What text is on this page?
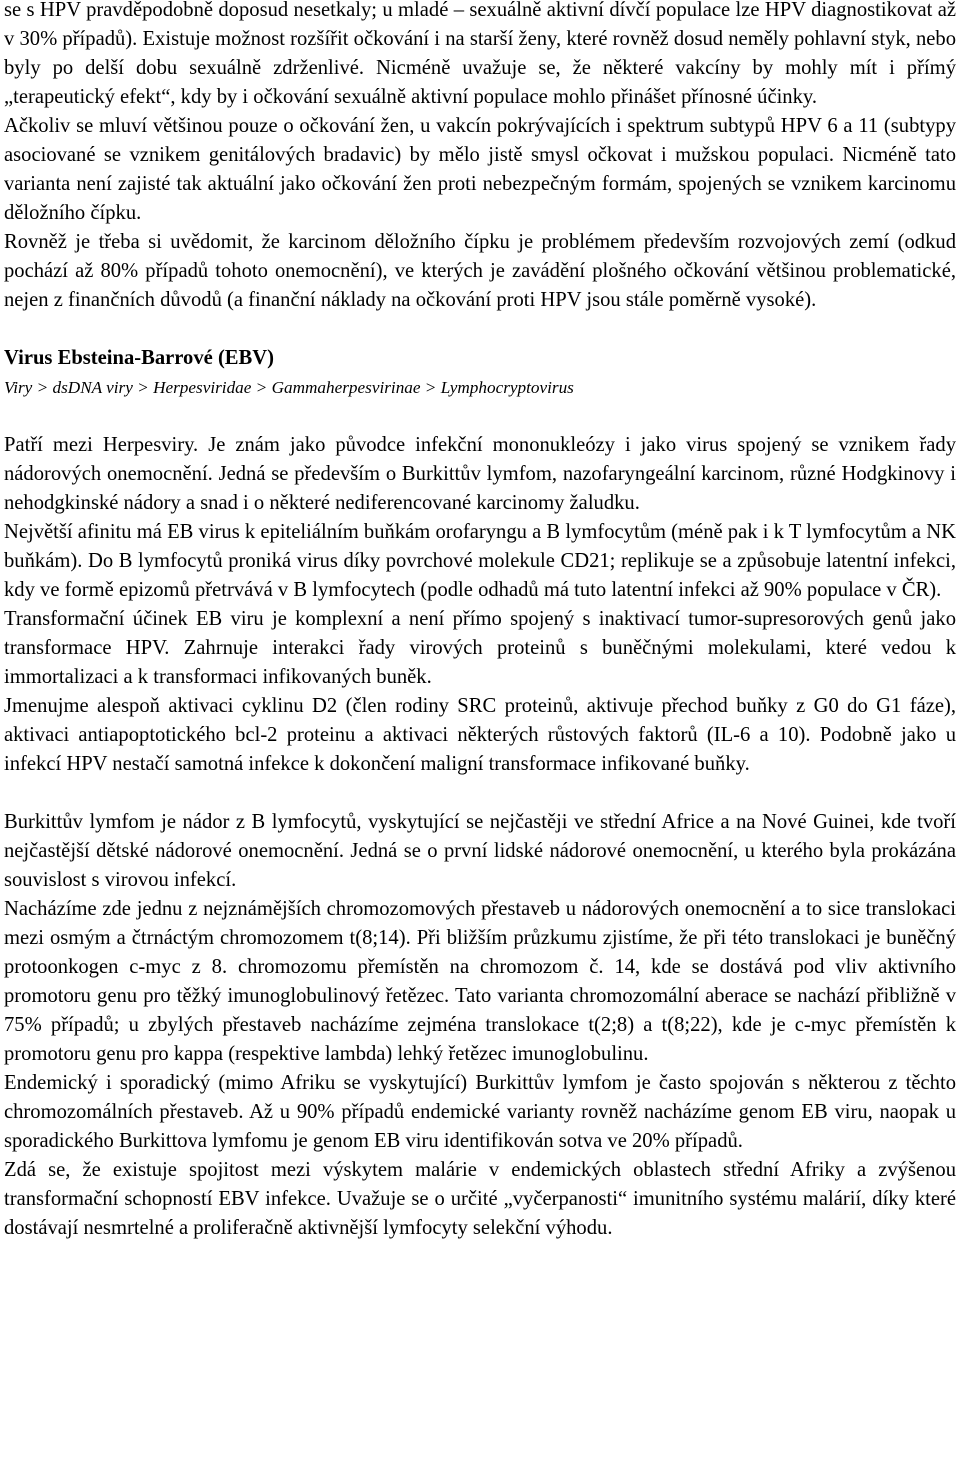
se s HPV pravděpodobně doposud nesetkaly; u mladé – sexuálně aktivní dívčí populace lze HPV diagnostikovat až v 30% případů). Existuje možnost rozšířit očkování i na starší ženy, které rovněž dosud neměly pohlavní styk, nebo byly po delší dobu sexuálně zdrženlivé. Nicméně uvažuje se, že některé vakcíny by mohly mít i přímý „terapeutický efekt“, kdy by i očkování sexuálně aktivní populace mohlo přinášet přínosné účinky.

Ačkoliv se mluví většinou pouze o očkování žen, u vakcín pokrývajících i spektrum subtypů HPV 6 a 11 (subtypy asociované se vznikem genitálových bradavic) by mělo jistě smysl očkovat i mužskou populaci. Nicméně tato varianta není zajisté tak aktuální jako očkování žen proti nebezpečným formám, spojených se vznikem karcinomu děložního čípku.

Rovněž je třeba si uvědomit, že karcinom děložního čípku je problémem především rozvojových zemí (odkud pochází až 80% případů tohoto onemocnění), ve kterých je zavádění plošného očkování většinou problematické, nejen z finančních důvodů (a finanční náklady na očkování proti HPV jsou stále poměrně vysoké).

Virus Ebsteina-Barrové (EBV)

Viry > dsDNA viry > Herpesviridae > Gammaherpesvirinae > Lymphocryptovirus

Patří mezi Herpesviry. Je znám jako původce infekční mononukleózy i jako virus spojený se vznikem řady nádorových onemocnění. Jedná se především o Burkittův lymfom, nazofaryngeální karcinom, různé Hodgkinovy i nehodgkinské nádory a snad i o některé nediferencované karcinomy žaludku.

Největší afinitu má EB virus k epiteliálním buňkám orofaryngu a B lymfocytům (méně pak i k T lymfocytům a NK buňkám). Do B lymfocytů proniká virus díky povrchové molekule CD21; replikuje se a způsobuje latentní infekci, kdy ve formě epizomů přetrvává v B lymfocytech (podle odhadů má tuto latentní infekci až 90% populace v ČR).

Transformační účinek EB viru je komplexní a není přímo spojený s inaktivací tumor-supresorových genů jako transformace HPV. Zahrnuje interakci řady virových proteinů s buněčnými molekulami, které vedou k immortalizaci a k transformaci infikovaných buněk.

Jmenujme alespoň aktivaci cyklinu D2 (člen rodiny SRC proteinů, aktivuje přechod buňky z G0 do G1 fáze), aktivaci antiapoptotického bcl-2 proteinu a aktivaci některých růstových faktorů (IL-6 a 10). Podobně jako u infekcí HPV nestačí samotná infekce k dokončení maligní transformace infikované buňky.

Burkittův lymfom je nádor z B lymfocytů, vyskytující se nejčastěji ve střední Africe a na Nové Guinei, kde tvoří nejčastější dětské nádorové onemocnění. Jedná se o první lidské nádorové onemocnění, u kterého byla prokázána souvislost s virovou infekcí.

Nacházíme zde jednu z nejznámějších chromozomových přestaveb u nádorových onemocnění a to sice translokaci mezi osmým a čtrnáctým chromozomem t(8;14). Při bližším průzkumu zjistíme, že při této translokaci je buněčný protoonkogen c-myc z 8. chromozomu přemístěn na chromozom č. 14, kde se dostává pod vliv aktivního promotoru genu pro těžký imunoglobulinový řetězec. Tato varianta chromozomální aberace se nachází přibližně v 75% případů; u zbylých přestaveb nacházíme zejména translokace t(2;8) a t(8;22), kde je c-myc přemístěn k promotoru genu pro kappa (respektive lambda) lehký řetězec imunoglobulinu.

Endemický i sporadický (mimo Afriku se vyskytující) Burkittův lymfom je často spojován s některou z těchto chromozomálních přestaveb. Až u 90% případů endemické varianty rovněž nacházíme genom EB viru, naopak u sporadického Burkittova lymfomu je genom EB viru identifikován sotva ve 20% případů.

Zdá se, že existuje spojitost mezi výskytem malárie v endemických oblastech střední Afriky a zvýšenou transformační schopností EBV infekce. Uvažuje se o určité „vyčerpanosti“ imunitního systému malárií, díky které dostávají nesmrtelné a proliferačně aktivnější lymfocyty selekční výhodu.
